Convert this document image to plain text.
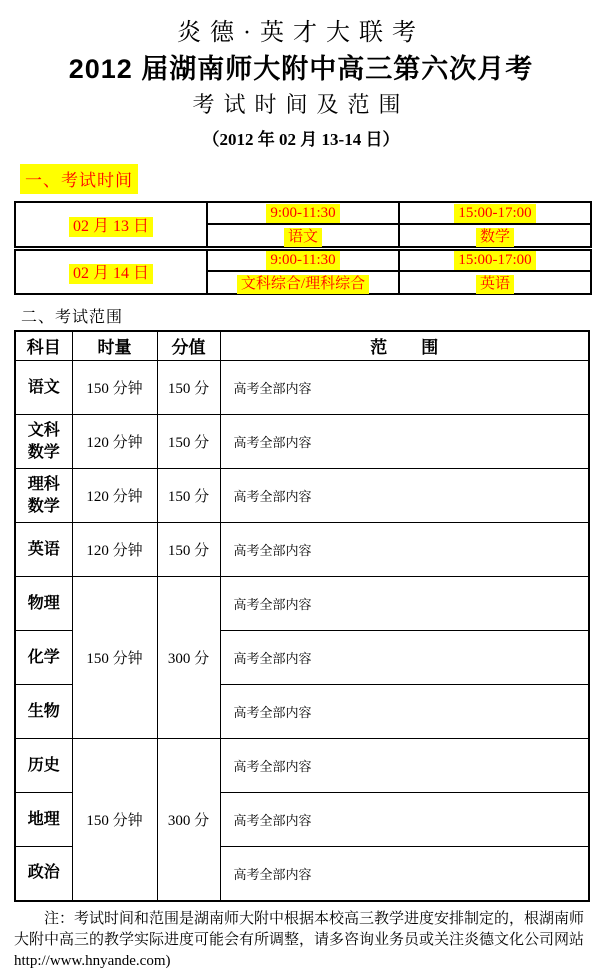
炎德·英才大联考
2012 届湖南师大附中高三第六次月考
考试时间及范围
（2012 年 02 月 13-14 日）
一、考试时间
02 月 13 日	9:00-11:30	15:00-17:00
	语文	数学
02 月 14 日	9:00-11:30	15:00-17:00
	文科综合/理科综合	英语
二、考试范围
科目	时量	分值	范　　围
语文	150 分钟	150 分	高考全部内容
文科数学	120 分钟	150 分	高考全部内容
理科数学	120 分钟	150 分	高考全部内容
英语	120 分钟	150 分	高考全部内容
物理	150 分钟	300 分	高考全部内容
化学			高考全部内容
生物			高考全部内容
历史	150 分钟	300 分	高考全部内容
地理			高考全部内容
政治			高考全部内容

注：考试时间和范围是湖南师大附中根据本校高三教学进度安排制定的，根湖南师大附中高三的教学实际进度可能会有所调整，请多咨询业务员或关注炎德文化公司网站 http://www.hnyande.com)
